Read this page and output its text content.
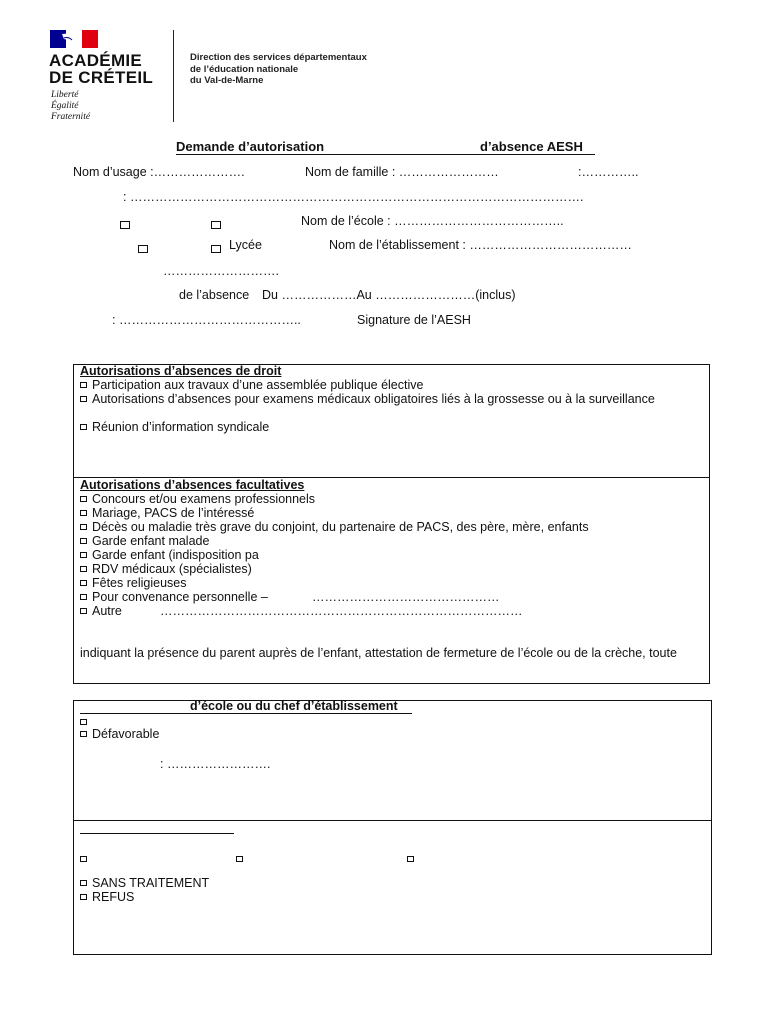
ACADÉMIE
DE CRÉTEIL
Liberté
Égalité
Fraternité
Direction des services départementaux
de l’éducation nationale
du Val-de-Marne
Demande d’autorisation	d’absence AESH
Nom d’usage :………………….	Nom de famille : ……………………	:…………..
: ……………………………………………………………………………………………….
Nom de l’école : …………………………………..
Lycée	Nom de l’établissement : …………………………………
……………………….
de l’absence Du ………………Au ……………………(inclus)
: ……………………………………..	Signature de l’AESH
Autorisations d’absences de droit
Participation aux travaux d’une assemblée publique élective
Autorisations d’absences pour examens médicaux obligatoires liés à la grossesse ou à la surveillance
Réunion d’information syndicale
Autorisations d’absences facultatives
Concours et/ou examens professionnels
Mariage, PACS de l’intéressé
Décès ou maladie très grave du conjoint, du partenaire de PACS, des père, mère, enfants
Garde enfant malade
Garde enfant (indisposition pa
RDV médicaux (spécialistes)
Fêtes religieuses
Pour convenance personnelle –	………………………………………
Autre	……………………………………………………………………………
indiquant la présence du parent auprès de l’enfant, attestation de fermeture de l’école ou de la crèche, toute
d’école ou du chef d’établissement
Défavorable
: …………………….
SANS TRAITEMENT
REFUS
